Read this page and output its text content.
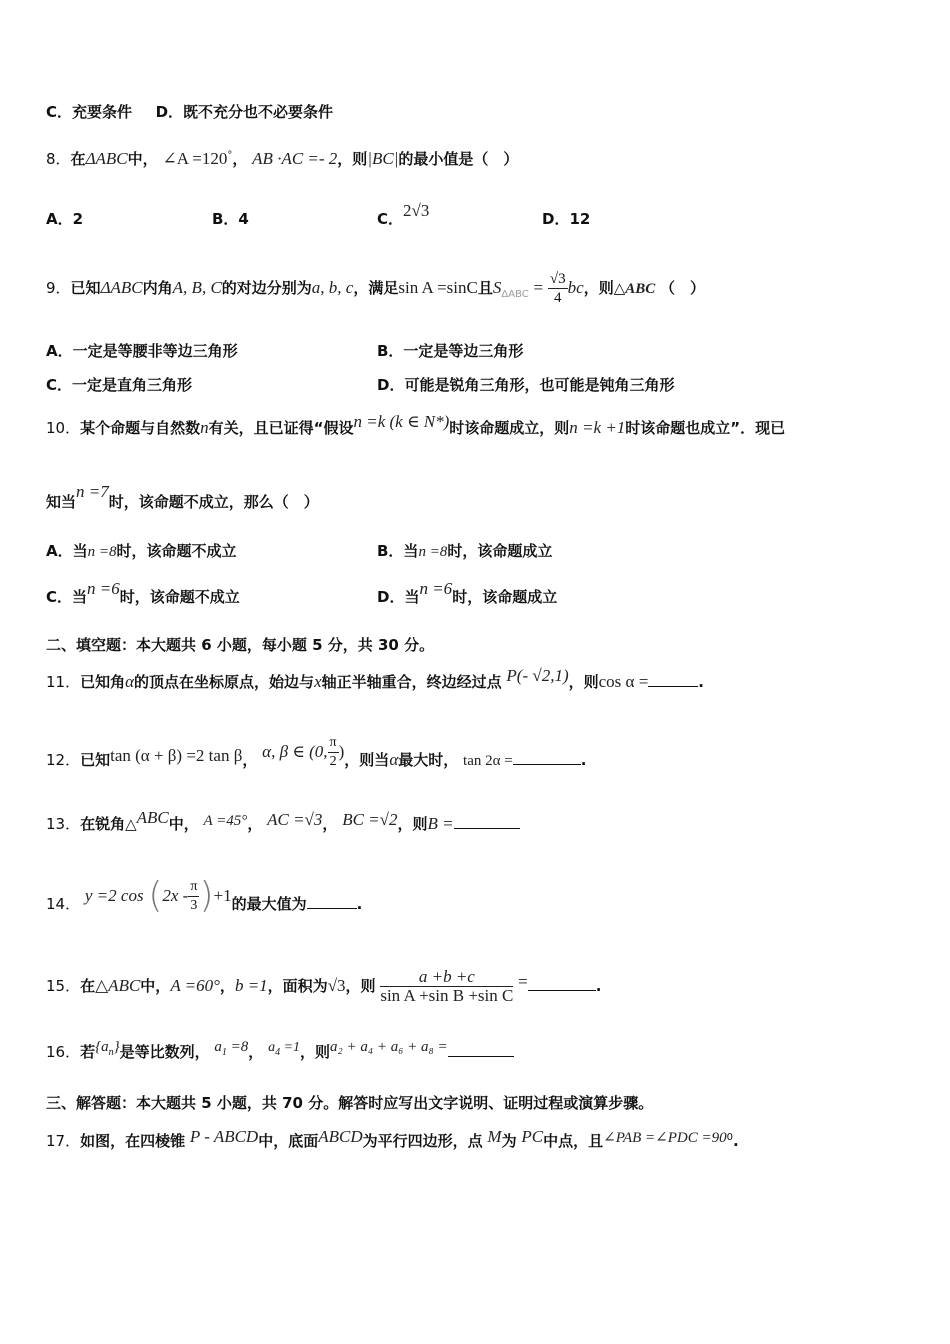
C．充要条件 D．既不充分也不必要条件
8．在ΔABC中， ∠A =120°， AB ·AC =- 2，则|BC|的最小值是（　）
A．2	B．4	C．2√3	D．12
9．已知ΔABC内角A, B, C的对边分别为a, b, c，满足sin A =sinC且$S_{\Delta ABC} = \frac{√3}{4}$ bc，则△ABC （　）
A．一定是等腰非等边三角形	B．一定是等边三角形
C．一定是直角三角形	D．可能是锐角三角形，也可能是钝角三角形
10．某个命题与自然数n有关，且已证得“假设n =k (k ∈ N*)时该命题成立，则n =k +1时该命题也成立”．现已
知当n =7时，该命题不成立，那么（　）
A．当n =8时，该命题不成立	B．当n =8时，该命题成立
C．当n =6时，该命题不成立	D．当n =6时，该命题成立
二、填空题：本大题共 6 小题，每小题 5 分，共 30 分。
11．已知角α的顶点在坐标原点，始边与x轴正半轴重合，终边经过点 P(- √2,1)，则cos α =	.
12．已知tan (α + β) =2 tan β， α, β ∈ (0, $\frac{\pi}{2}$ )，则当α最大时， tan 2α =	.
13．在锐角△ABC中， A =45°， AC =√3， BC =√2，则B =
14． y =2 $\cos (2x - \frac{\pi}{3} )+1$的最大值为	.
15．在△ABC中，A =60°，b =1，面积为√3，则 $\frac{a +b +c}{\text{sin A +sin B +sin C}}$ =	.
16．若$\{a_n\}$是等比数列， $a_1 =8$， $a_4 =1$，则a₂ + a₄ + a₆ + a₈ =
三、解答题：本大题共 5 小题，共 70 分。解答时应写出文字说明、证明过程或演算步骤。
17．如图，在四棱锥 P - ABCD中，底面ABCD为平行四边形，点 M为 PC中点，且∠PAB =∠PDC $=90^0$.
